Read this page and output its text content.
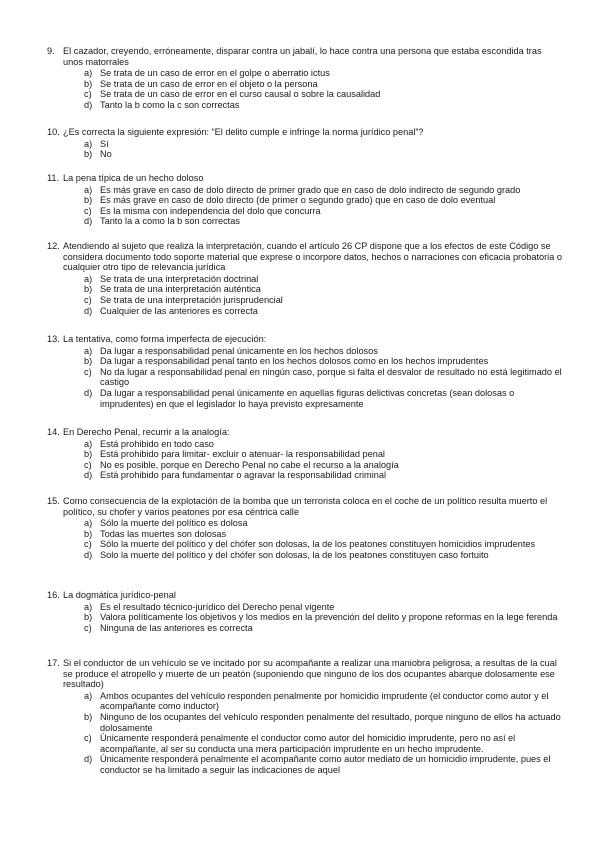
9. El cazador, creyendo, erróneamente, disparar contra un jabalí, lo hace contra una persona que estaba escondida tras unos matorrales
a) Se trata de un caso de error en el golpe o aberratio ictus
b) Se trata de un caso de error en el objeto o la persona
c) Se trata de un caso de error en el curso causal o sobre la causalidad
d) Tanto la b como la c son correctas
10. ¿Es correcta la siguiente expresión: “El delito cumple e infringe la norma jurídico penal”?
a) Sí
b) No
11. La pena típica de un hecho doloso
a) Es más grave en caso de dolo directo de primer grado que en caso de dolo indirecto de segundo grado
b) Es más grave en caso de dolo directo (de primer o segundo grado) que en caso de dolo eventual
c) Es la misma con independencia del dolo que concurra
d) Tanto la a como la b son correctas
12. Atendiendo al sujeto que realiza la interpretación, cuando el artículo 26 CP dispone que a los efectos de este Código se considera documento todo soporte material que exprese o incorpore datos, hechos o narraciones con eficacia probatoria o cualquier otro tipo de relevancia jurídica
a) Se trata de una interpretación doctrinal
b) Se trata de una interpretación auténtica
c) Se trata de una interpretación jurisprudencial
d) Cualquier de las anteriores es correcta
13. La tentativa, como forma imperfecta de ejecución:
a) Da lugar a responsabilidad penal únicamente en los hechos dolosos
b) Da lugar a responsabilidad penal tanto en los hechos dolosos como en los hechos imprudentes
c) No da lugar a responsabilidad penal en ningún caso, porque si falta el desvalor de resultado no está legitimado el castigo
d) Da lugar a responsabilidad penal únicamente en aquellas figuras delictivas concretas (sean dolosas o imprudentes) en que el legislador lo haya previsto expresamente
14. En Derecho Penal, recurrir a la analogía:
a) Está prohibido en todo caso
b) Está prohibido para limitar- excluir o atenuar- la responsabilidad penal
c) No es posible, porque en Derecho Penal no cabe el recurso a la analogía
d) Está prohibido para fundamentar o agravar la responsabilidad criminal
15. Como consecuencia de la explotación de la bomba que un terrorista coloca en el coche de un político resulta muerto el político, su chofer y varios peatones por esa céntrica calle
a) Sólo la muerte del político es dolosa
b) Todas las muertes son dolosas
c) Sólo la muerte del político y del chófer son dolosas, la de los peatones constituyen homicidios imprudentes
d) Solo la muerte del político y del chófer son dolosas, la de los peatones constituyen caso fortuito
16. La dogmática jurídico-penal
a) Es el resultado técnico-jurídico del Derecho penal vigente
b) Valora políticamente los objetivos y los medios en la prevención del delito y propone reformas en la lege ferenda
c) Ninguna de las anteriores es correcta
17. Si el conductor de un vehículo se ve incitado por su acompañante a realizar una maniobra peligrosa, a resultas de la cual se produce el atropello y muerte de un peatón (suponiendo que ninguno de los dos ocupantes abarque dolosamente ese resultado)
a) Ambos ocupantes del vehículo responden penalmente por homicidio imprudente (el conductor como autor y el acompañante como inductor)
b) Ninguno de los ocupantes del vehículo responden penalmente del resultado, porque ninguno de ellos ha actuado dolosamente
c) Únicamente responderá penalmente el conductor como autor del homicidio imprudente, pero no así el acompañante, al ser su conducta una mera participación imprudente en un hecho imprudente.
d) Únicamente responderá penalmente el acompañante como autor mediato de un homicidio imprudente, pues el conductor se ha limitado a seguir las indicaciones de aquel
